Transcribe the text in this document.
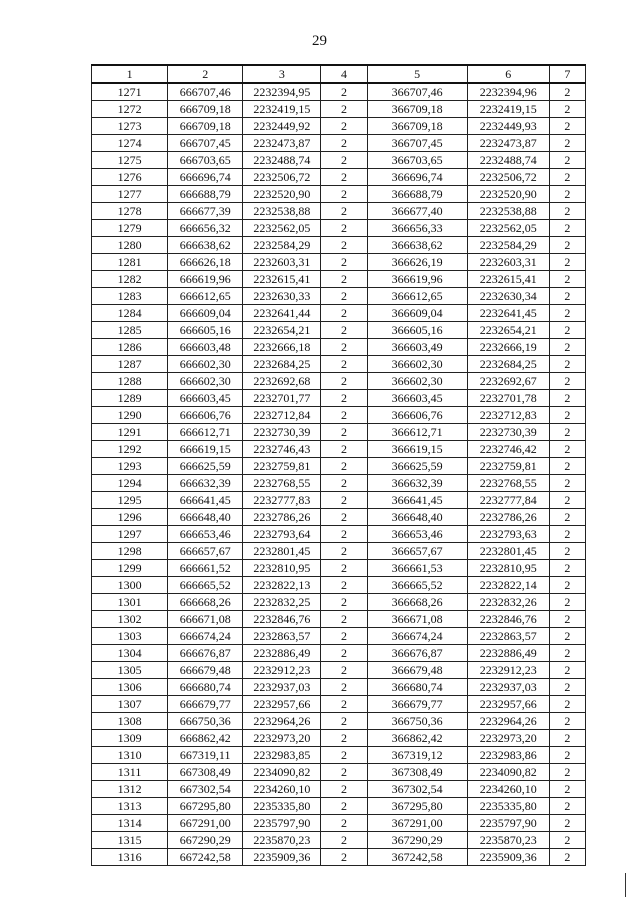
29
1	2	3	4	5	6	7
1271	666707,46	2232394,95	2	366707,46	2232394,96	2
1272	666709,18	2232419,15	2	366709,18	2232419,15	2
1273	666709,18	2232449,92	2	366709,18	2232449,93	2
1274	666707,45	2232473,87	2	366707,45	2232473,87	2
1275	666703,65	2232488,74	2	366703,65	2232488,74	2
1276	666696,74	2232506,72	2	366696,74	2232506,72	2
1277	666688,79	2232520,90	2	366688,79	2232520,90	2
1278	666677,39	2232538,88	2	366677,40	2232538,88	2
1279	666656,32	2232562,05	2	366656,33	2232562,05	2
1280	666638,62	2232584,29	2	366638,62	2232584,29	2
1281	666626,18	2232603,31	2	366626,19	2232603,31	2
1282	666619,96	2232615,41	2	366619,96	2232615,41	2
1283	666612,65	2232630,33	2	366612,65	2232630,34	2
1284	666609,04	2232641,44	2	366609,04	2232641,45	2
1285	666605,16	2232654,21	2	366605,16	2232654,21	2
1286	666603,48	2232666,18	2	366603,49	2232666,19	2
1287	666602,30	2232684,25	2	366602,30	2232684,25	2
1288	666602,30	2232692,68	2	366602,30	2232692,67	2
1289	666603,45	2232701,77	2	366603,45	2232701,78	2
1290	666606,76	2232712,84	2	366606,76	2232712,83	2
1291	666612,71	2232730,39	2	366612,71	2232730,39	2
1292	666619,15	2232746,43	2	366619,15	2232746,42	2
1293	666625,59	2232759,81	2	366625,59	2232759,81	2
1294	666632,39	2232768,55	2	366632,39	2232768,55	2
1295	666641,45	2232777,83	2	366641,45	2232777,84	2
1296	666648,40	2232786,26	2	366648,40	2232786,26	2
1297	666653,46	2232793,64	2	366653,46	2232793,63	2
1298	666657,67	2232801,45	2	366657,67	2232801,45	2
1299	666661,52	2232810,95	2	366661,53	2232810,95	2
1300	666665,52	2232822,13	2	366665,52	2232822,14	2
1301	666668,26	2232832,25	2	366668,26	2232832,26	2
1302	666671,08	2232846,76	2	366671,08	2232846,76	2
1303	666674,24	2232863,57	2	366674,24	2232863,57	2
1304	666676,87	2232886,49	2	366676,87	2232886,49	2
1305	666679,48	2232912,23	2	366679,48	2232912,23	2
1306	666680,74	2232937,03	2	366680,74	2232937,03	2
1307	666679,77	2232957,66	2	366679,77	2232957,66	2
1308	666750,36	2232964,26	2	366750,36	2232964,26	2
1309	666862,42	2232973,20	2	366862,42	2232973,20	2
1310	667319,11	2232983,85	2	367319,12	2232983,86	2
1311	667308,49	2234090,82	2	367308,49	2234090,82	2
1312	667302,54	2234260,10	2	367302,54	2234260,10	2
1313	667295,80	2235335,80	2	367295,80	2235335,80	2
1314	667291,00	2235797,90	2	367291,00	2235797,90	2
1315	667290,29	2235870,23	2	367290,29	2235870,23	2
1316	667242,58	2235909,36	2	367242,58	2235909,36	2
